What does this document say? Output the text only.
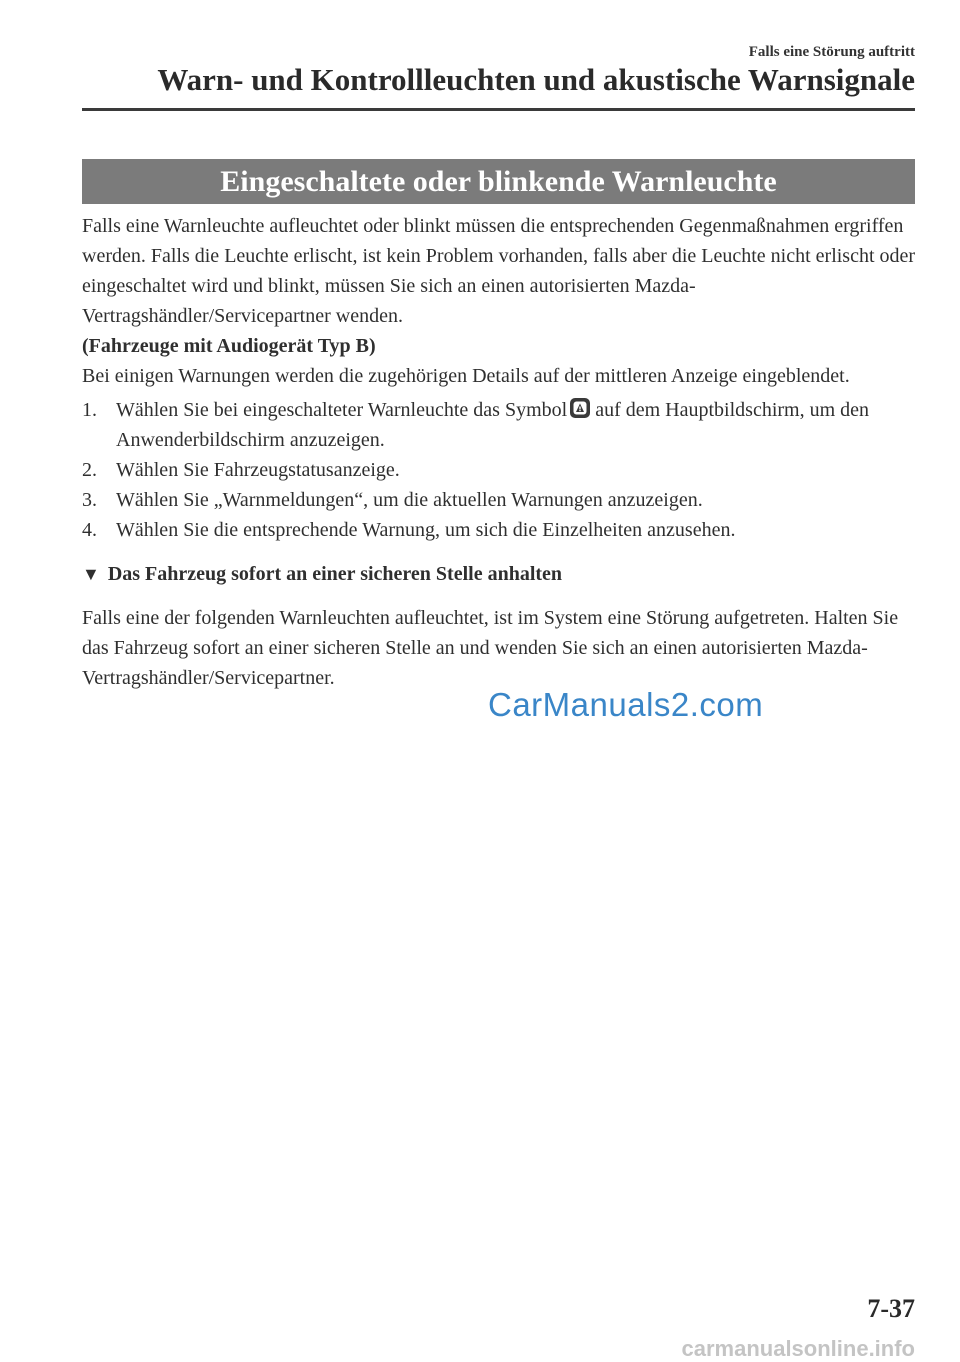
Falls eine Störung auftritt
Warn- und Kontrollleuchten und akustische Warnsignale
Eingeschaltete oder blinkende Warnleuchte

Falls eine Warnleuchte aufleuchtet oder blinkt müssen die entsprechenden Gegenmaßnahmen ergriffen werden. Falls die Leuchte erlischt, ist kein Problem vorhanden, falls aber die Leuchte nicht erlischt oder eingeschaltet wird und blinkt, müssen Sie sich an einen autorisierten Mazda-Vertragshändler/Servicepartner wenden.

(Fahrzeuge mit Audiogerät Typ B)

Bei einigen Warnungen werden die zugehörigen Details auf der mittleren Anzeige eingeblendet.

1. Wählen Sie bei eingeschalteter Warnleuchte das Symbol auf dem Hauptbildschirm, um den Anwenderbildschirm anzuzeigen.
2. Wählen Sie Fahrzeugstatusanzeige.
3. Wählen Sie „Warnmeldungen“, um die aktuellen Warnungen anzuzeigen.
4. Wählen Sie die entsprechende Warnung, um sich die Einzelheiten anzusehen.

▼ Das Fahrzeug sofort an einer sicheren Stelle anhalten

Falls eine der folgenden Warnleuchten aufleuchtet, ist im System eine Störung aufgetreten. Halten Sie das Fahrzeug sofort an einer sicheren Stelle an und wenden Sie sich an einen autorisierten Mazda-Vertragshändler/Servicepartner.

CarManuals2.com
7-37
carmanualsonline.info
